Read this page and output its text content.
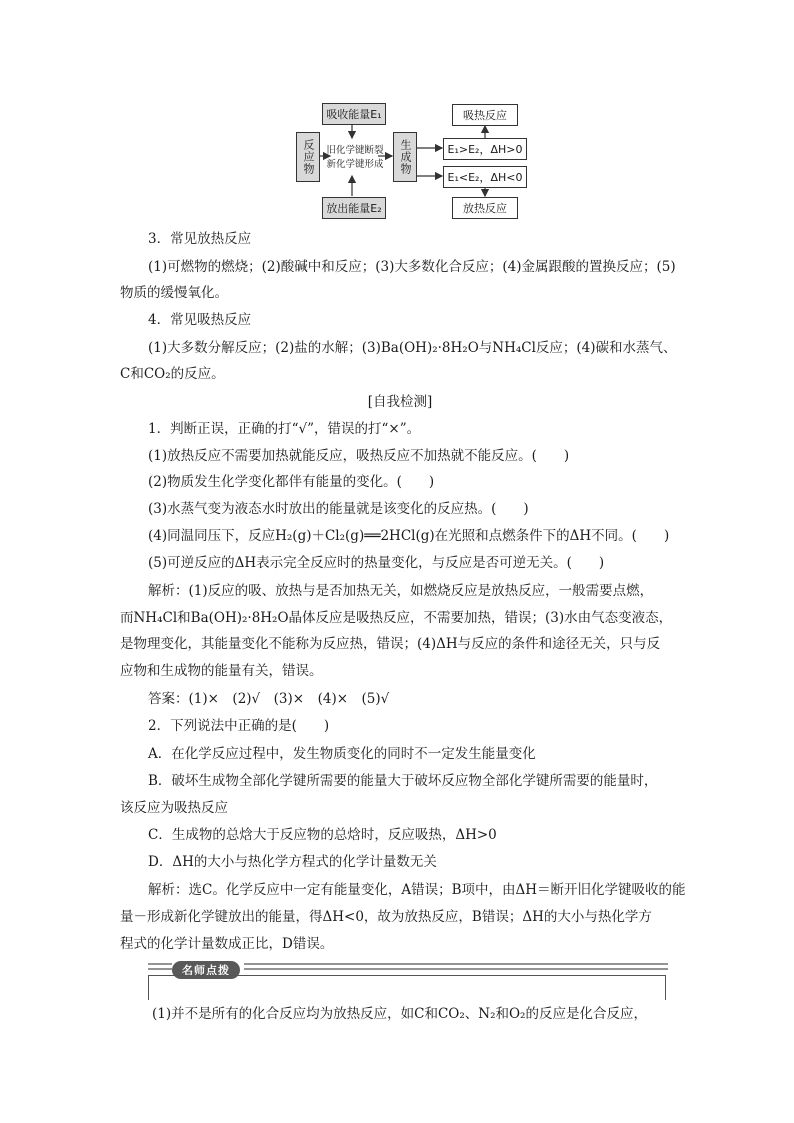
吸收能量E₁
反应物	旧化学键断裂
新化学键形成	生成物
放出能量E₂
吸热反应
E₁>E₂，ΔH>0
E₁<E₂，ΔH<0
放热反应
3．常见放热反应
(1)可燃物的燃烧；(2)酸碱中和反应；(3)大多数化合反应；(4)金属跟酸的置换反应；(5)
物质的缓慢氧化。
4．常见吸热反应
(1)大多数分解反应；(2)盐的水解；(3)Ba(OH)₂·8H₂O与NH₄Cl反应；(4)碳和水蒸气、
C和CO₂的反应。
[自我检测]
1．判断正误，正确的打“√”，错误的打“×”。
(1)放热反应不需要加热就能反应，吸热反应不加热就不能反应。(　　)
(2)物质发生化学变化都伴有能量的变化。(　　)
(3)水蒸气变为液态水时放出的能量就是该变化的反应热。(　　)
(4)同温同压下，反应H₂(g)＋Cl₂(g)══2HCl(g)在光照和点燃条件下的ΔH不同。(　　)
(5)可逆反应的ΔH表示完全反应时的热量变化，与反应是否可逆无关。(　　)
解析：(1)反应的吸、放热与是否加热无关，如燃烧反应是放热反应，一般需要点燃，
而NH₄Cl和Ba(OH)₂·8H₂O晶体反应是吸热反应，不需要加热，错误；(3)水由气态变液态，
是物理变化，其能量变化不能称为反应热，错误；(4)ΔH与反应的条件和途径无关，只与反
应物和生成物的能量有关，错误。
答案：(1)×　(2)√　(3)×　(4)×　(5)√
2．下列说法中正确的是(　　)
A．在化学反应过程中，发生物质变化的同时不一定发生能量变化
B．破坏生成物全部化学键所需要的能量大于破坏反应物全部化学键所需要的能量时，
该反应为吸热反应
C．生成物的总焓大于反应物的总焓时，反应吸热，ΔH>0
D．ΔH的大小与热化学方程式的化学计量数无关
解析：选C。化学反应中一定有能量变化，A错误；B项中，由ΔH＝断开旧化学键吸收的能
量－形成新化学键放出的能量，得ΔH<0，故为放热反应，B错误；ΔH的大小与热化学方
程式的化学计量数成正比，D错误。
名师点拨
(1)并不是所有的化合反应均为放热反应，如C和CO₂、N₂和O₂的反应是化合反应，
